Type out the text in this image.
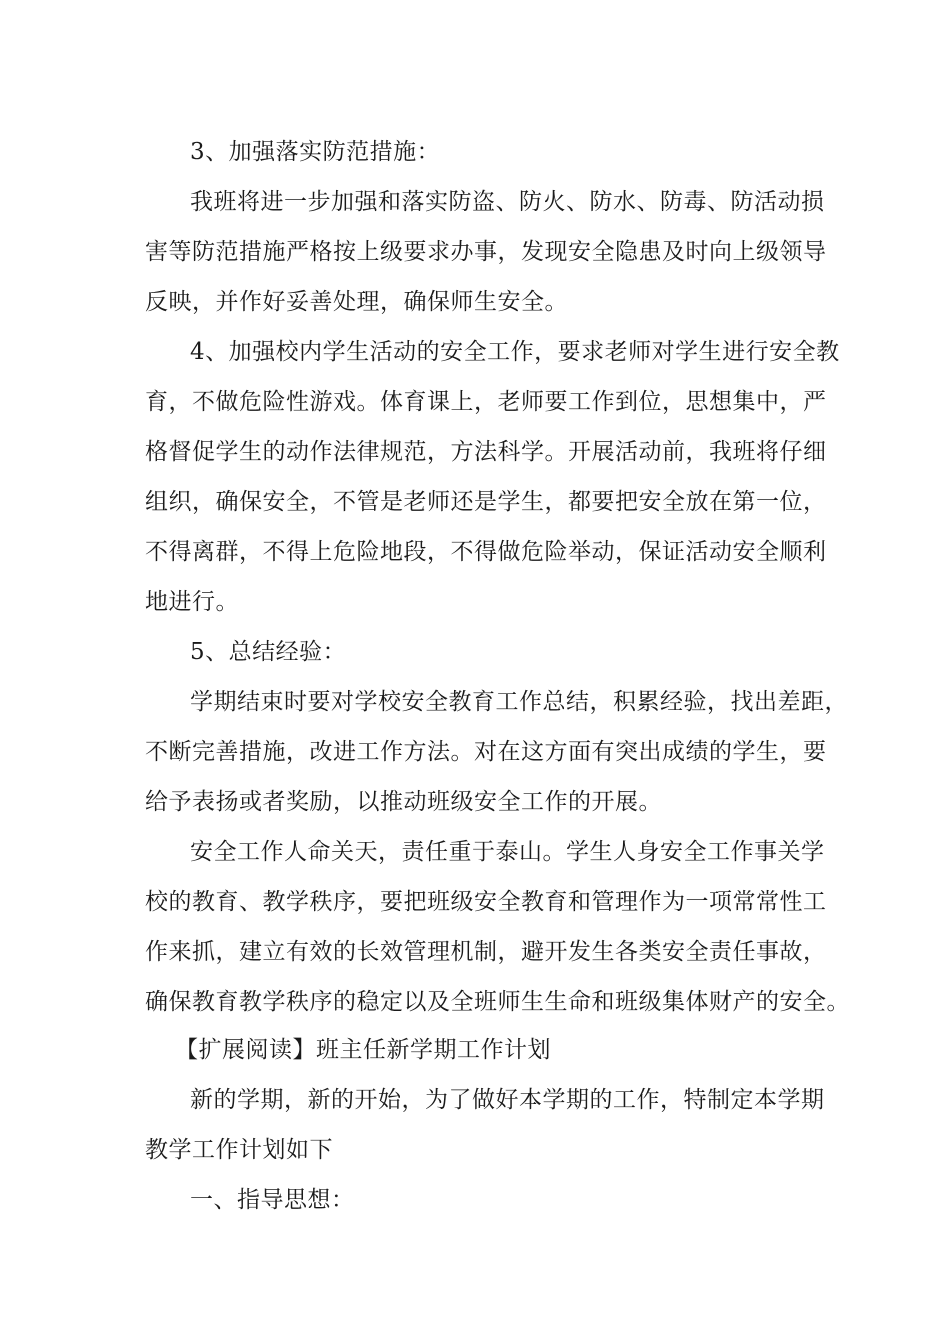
3、加强落实防范措施：
我班将进一步加强和落实防盗、防火、防水、防毒、防活动损
害等防范措施严格按上级要求办事，发现安全隐患及时向上级领导
反映，并作好妥善处理，确保师生安全。
4、加强校内学生活动的安全工作，要求老师对学生进行安全教
育，不做危险性游戏。体育课上，老师要工作到位，思想集中，严
格督促学生的动作法律规范，方法科学。开展活动前，我班将仔细
组织，确保安全，不管是老师还是学生，都要把安全放在第一位，
不得离群，不得上危险地段，不得做危险举动，保证活动安全顺利
地进行。
5、总结经验：
学期结束时要对学校安全教育工作总结，积累经验，找出差距，
不断完善措施，改进工作方法。对在这方面有突出成绩的学生，要
给予表扬或者奖励，以推动班级安全工作的开展。
安全工作人命关天，责任重于泰山。学生人身安全工作事关学
校的教育、教学秩序，要把班级安全教育和管理作为一项常常性工
作来抓，建立有效的长效管理机制，避开发生各类安全责任事故，
确保教育教学秩序的稳定以及全班师生生命和班级集体财产的安全。
【扩展阅读】班主任新学期工作计划
新的学期，新的开始，为了做好本学期的工作，特制定本学期
教学工作计划如下
一、指导思想：
